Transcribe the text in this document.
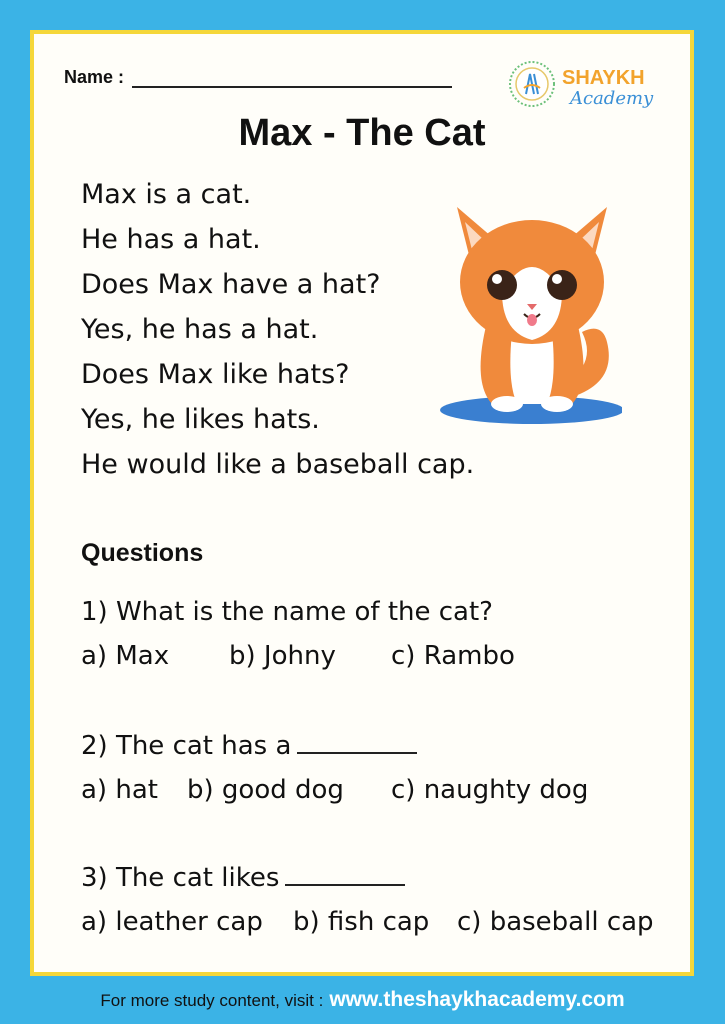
Name :	SHAYKH
Academy
Max - The Cat
Max is a cat.
He has a hat.
Does Max have a hat?
Yes, he has a hat.
Does Max like hats?
Yes, he likes hats.
He would like a baseball cap.
Questions
1) What is the name of the cat?
a) Max b) Johny c) Rambo
2) The cat has a
a) hat b) good dog c) naughty dog
3) The cat likes
a) leather cap b) fish cap c) baseball cap
For more study content, visit : www.theshaykhacademy.com
